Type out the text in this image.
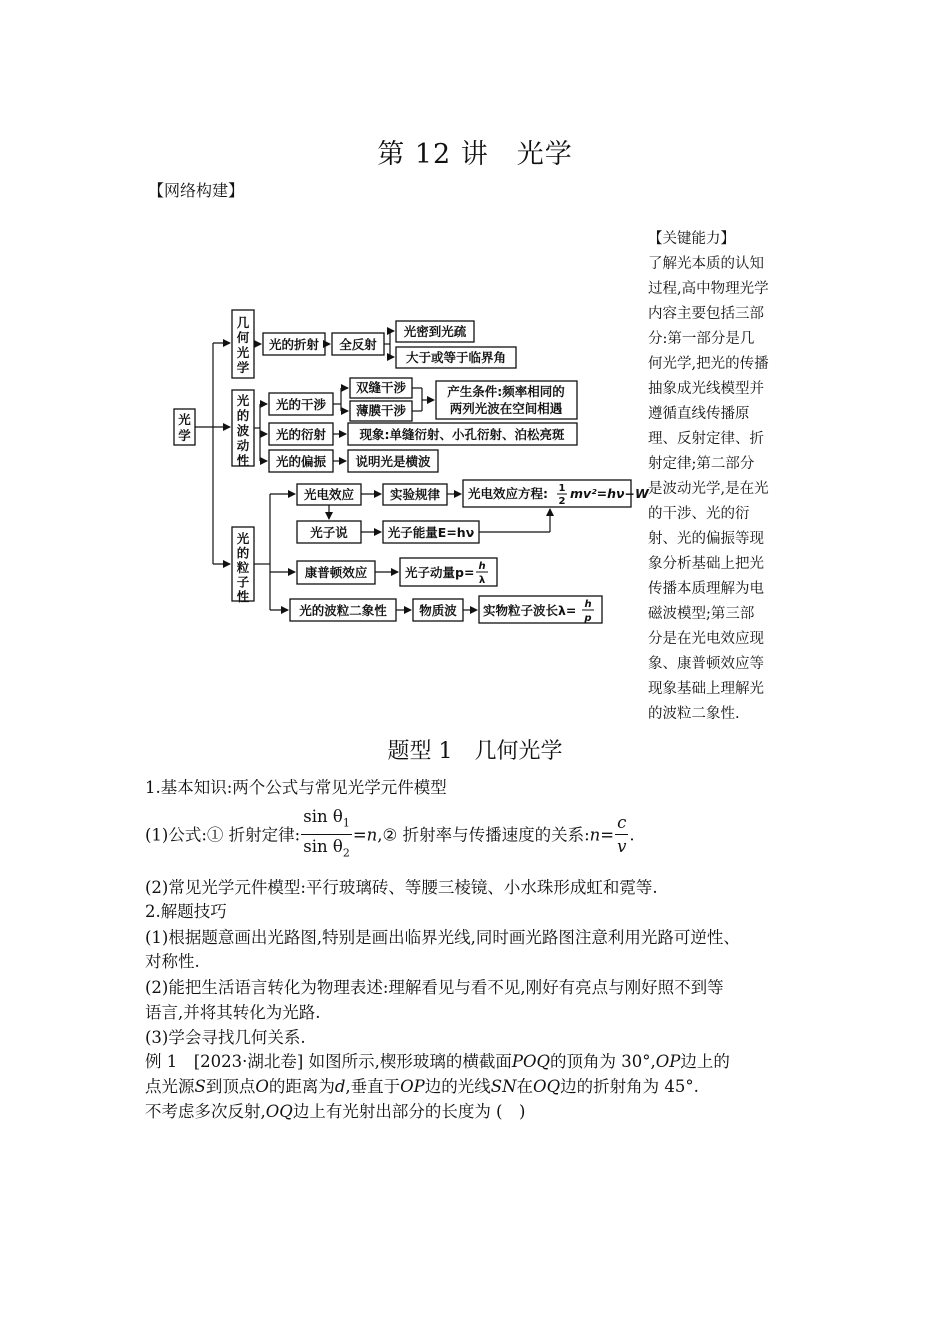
第 12 讲　光学
【网络构建】
光
学
几
何
光
学
光
的
波
动
性
光
的
粒
子
性
光的折射 全反射
光密到光疏
大于或等于临界角
光的干涉
双缝干涉
薄膜干涉
产生条件:频率相同的
两列光波在空间相遇
光的衍射	现象:单缝衍射、小孔衍射、泊松亮斑
光的偏振 说明光是横波
光电效应	实验规律 光电效应方程: 1
2
mv²=hν−W
光子说	光子能量E=hν
康普顿效应	光子动量p= h
λ
光的波粒二象性	物质波 实物粒子波长λ= h
p
【关键能力】
了解光本质的认知
过程,高中物理光学
内容主要包括三部
分:第一部分是几
何光学,把光的传播
抽象成光线模型并
遵循直线传播原
理、反射定律、折
射定律;第二部分
是波动光学,是在光
的干涉、光的衍
射、光的偏振等现
象分析基础上把光
传播本质理解为电
磁波模型;第三部
分是在光电效应现
象、康普顿效应等
现象基础上理解光
的波粒二象性.
题型 1　几何光学
1.基本知识:两个公式与常见光学元件模型
(1)公式:① 折射定律: $\frac{\sin \theta_1}{\sin \theta_2}$ =n,② 折射率与传播速度的关系:n= $\frac{c}{v}$ .
(2)常见光学元件模型:平行玻璃砖、等腰三棱镜、小水珠形成虹和霓等.
2.解题技巧
(1)根据题意画出光路图,特别是画出临界光线,同时画光路图注意利用光路可逆性、
对称性.
(2)能把生活语言转化为物理表述:理解看见与看不见,刚好有亮点与刚好照不到等
语言,并将其转化为光路.
(3)学会寻找几何关系.
例 1　[2023·湖北卷] 如图所示,楔形玻璃的横截面POQ的顶角为 30°,OP边上的
点光源S到顶点O的距离为d,垂直于OP边的光线SN在OQ边的折射角为 45°.
不考虑多次反射,OQ边上有光射出部分的长度为 (　)
